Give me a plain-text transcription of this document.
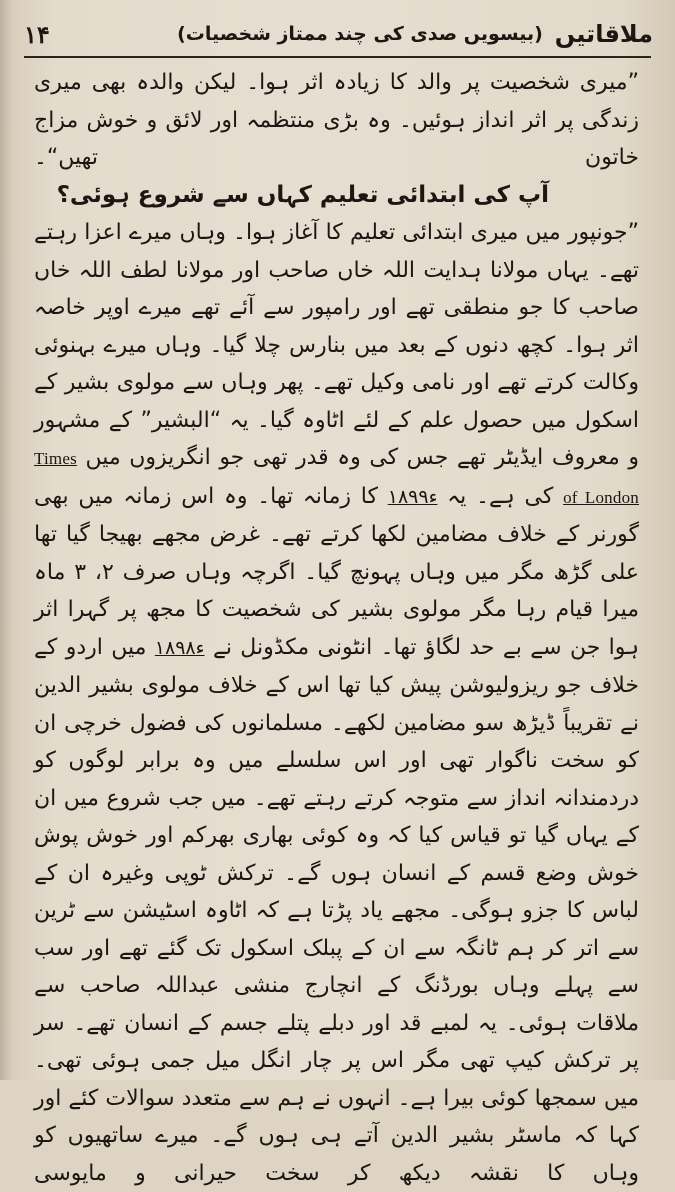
ملاقاتیں
(بیسویں صدی کی چند ممتاز شخصیات)
۱۴

”میری شخصیت پر والد کا زیادہ اثر ہوا۔ لیکن والدہ بھی میری زندگی پر اثر انداز ہوئیں۔ وہ بڑی منتظمہ اور لائق و خوش مزاج خاتون تھیں“۔

آپ کی ابتدائی تعلیم کہاں سے شروع ہوئی؟

”جونپور میں میری ابتدائی تعلیم کا آغاز ہوا۔ وہاں میرے اعزا رہتے تھے۔ یہاں مولانا ہدایت اللہ خاں صاحب اور مولانا لطف اللہ خاں صاحب کا جو منطقی تھے اور رامپور سے آئے تھے میرے اوپر خاصہ اثر ہوا۔ کچھ دنوں کے بعد میں بنارس چلا گیا۔ وہاں میرے بہنوئی وکالت کرتے تھے اور نامی وکیل تھے۔ پھر وہاں سے مولوی بشیر کے اسکول میں حصول علم کے لئے اٹاوہ گیا۔ یہ “البشیر” کے مشہور و معروف ایڈیٹر تھے جس کی وہ قدر تھی جو انگریزوں میں Times of London کی ہے۔ یہ ۱۸۹۹ء کا زمانہ تھا۔ وہ اس زمانہ میں بھی گورنر کے خلاف مضامین لکھا کرتے تھے۔ غرض مجھے بھیجا گیا تھا علی گڑھ مگر میں وہاں پہونچ گیا۔ اگرچہ وہاں صرف ۲، ۳ ماہ میرا قیام رہا مگر مولوی بشیر کی شخصیت کا مجھ پر گہرا اثر ہوا جن سے بے حد لگاؤ تھا۔ انٹونی مکڈونل نے ۱۸۹۸ء میں اردو کے خلاف جو ریزولیوشن پیش کیا تھا اس کے خلاف مولوی بشیر الدین نے تقریباً ڈیڑھ سو مضامین لکھے۔ مسلمانوں کی فضول خرچی ان کو سخت ناگوار تھی اور اس سلسلے میں وہ برابر لوگوں کو دردمندانہ انداز سے متوجہ کرتے رہتے تھے۔ میں جب شروع میں ان کے یہاں گیا تو قیاس کیا کہ وہ کوئی بھاری بھرکم اور خوش پوش خوش وضع قسم کے انسان ہوں گے۔ ترکش ٹوپی وغیرہ ان کے لباس کا جزو ہوگی۔ مجھے یاد پڑتا ہے کہ اٹاوہ اسٹیشن سے ٹرین سے اتر کر ہم ٹانگہ سے ان کے پبلک اسکول تک گئے تھے اور سب سے پہلے وہاں بورڈنگ کے انچارج منشی عبداللہ صاحب سے ملاقات ہوئی۔ یہ لمبے قد اور دبلے پتلے جسم کے انسان تھے۔ سر پر ترکش کیپ تھی مگر اس پر چار انگل میل جمی ہوئی تھی۔ میں سمجھا کوئی بیرا ہے۔ انہوں نے ہم سے متعدد سوالات کئے اور کہا کہ ماسٹر بشیر الدین آتے ہی ہوں گے۔ میرے ساتھیوں کو وہاں کا نقشہ دیکھ کر سخت حیرانی و مایوسی
